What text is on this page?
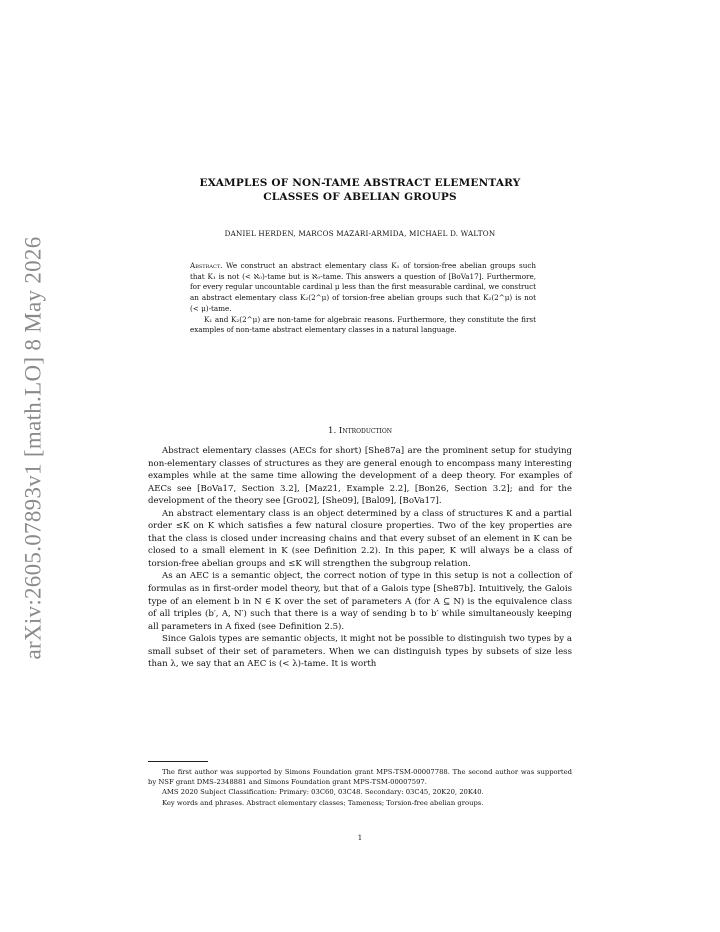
arXiv:2605.07893v1 [math.LO] 8 May 2026
EXAMPLES OF NON-TAME ABSTRACT ELEMENTARY
CLASSES OF ABELIAN GROUPS
DANIEL HERDEN, MARCOS MAZARI-ARMIDA, MICHAEL D. WALTON

Abstract. We construct an abstract elementary class K₁ of torsion-free abelian groups such that K₁ is not (< ℵ₀)-tame but is ℵ₀-tame. This answers a question of [BoVa17]. Furthermore, for every regular uncountable cardinal μ less than the first measurable cardinal, we construct an abstract elementary class K₂(2^μ) of torsion-free abelian groups such that K₂(2^μ) is not (< μ)-tame.

K₁ and K₂(2^μ) are non-tame for algebraic reasons. Furthermore, they constitute the first examples of non-tame abstract elementary classes in a natural language.

1. Introduction

Abstract elementary classes (AECs for short) [She87a] are the prominent setup for studying non-elementary classes of structures as they are general enough to encompass many interesting examples while at the same time allowing the development of a deep theory. For examples of AECs see [BoVa17, Section 3.2], [Maz21, Example 2.2], [Bon26, Section 3.2]; and for the development of the theory see [Gro02], [She09], [Bal09], [BoVa17].

An abstract elementary class is an object determined by a class of structures K and a partial order ≤K on K which satisfies a few natural closure properties. Two of the key properties are that the class is closed under increasing chains and that every subset of an element in K can be closed to a small element in K (see Definition 2.2). In this paper, K will always be a class of torsion-free abelian groups and ≤K will strengthen the subgroup relation.

As an AEC is a semantic object, the correct notion of type in this setup is not a collection of formulas as in first-order model theory, but that of a Galois type [She87b]. Intuitively, the Galois type of an element b in N ∈ K over the set of parameters A (for A ⊆ N) is the equivalence class of all triples (b′, A, N′) such that there is a way of sending b to b′ while simultaneously keeping all parameters in A fixed (see Definition 2.5).

Since Galois types are semantic objects, it might not be possible to distinguish two types by a small subset of their set of parameters. When we can distinguish types by subsets of size less than λ, we say that an AEC is (< λ)-tame. It is worth

The first author was supported by Simons Foundation grant MPS-TSM-00007788. The second author was supported by NSF grant DMS-2348881 and Simons Foundation grant MPS-TSM-00007597.

AMS 2020 Subject Classification: Primary: 03C60, 03C48. Secondary: 03C45, 20K20, 20K40.

Key words and phrases. Abstract elementary classes; Tameness; Torsion-free abelian groups.

1
